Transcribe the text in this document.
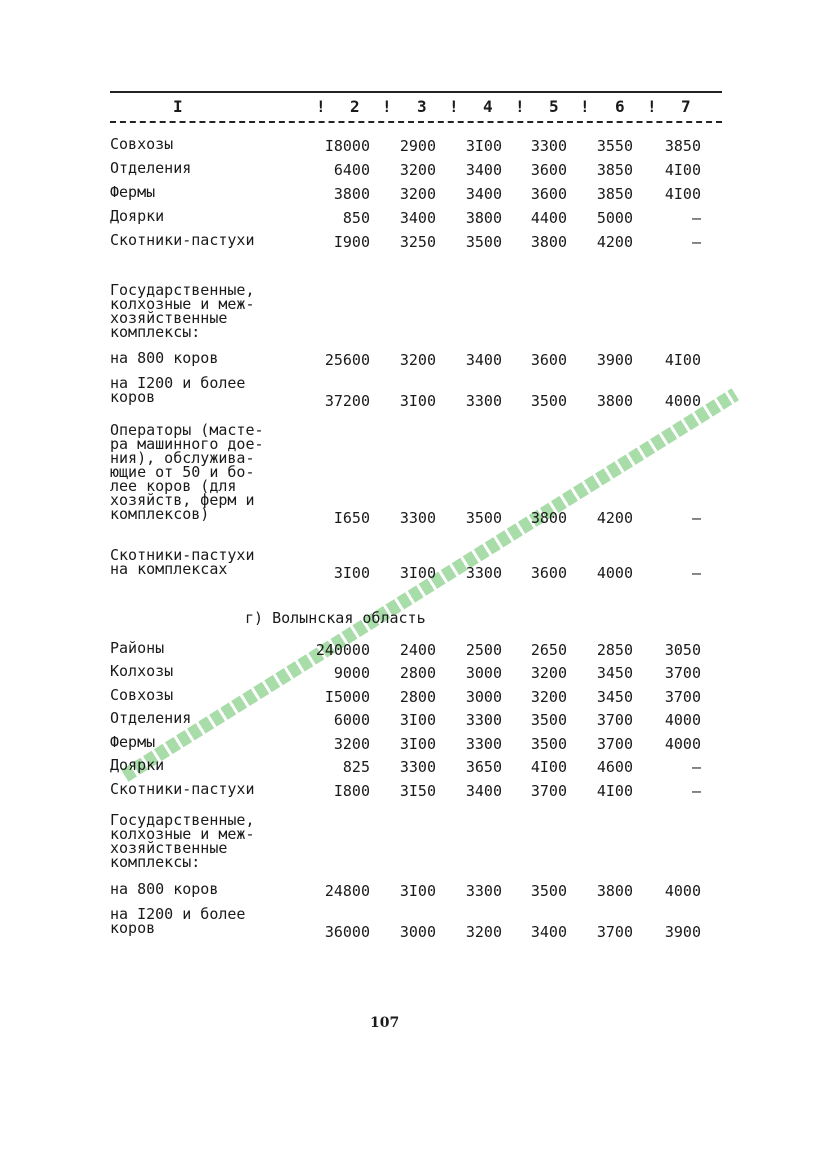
I	! 2 ! 3 ! 4 ! 5 ! 6 ! 7
Совхозы	I8000	2900	3I00	3300	3550	3850
Отделения	6400	3200	3400	3600	3850	4I00
Фермы	3800	3200	3400	3600	3850	4I00
Доярки	850	3400	3800	4400	5000	–
Скотники-пастухи	I900	3250	3500	3800	4200	–
Государственные,
колхозные и меж-
хозяйственные
комплексы:
на 800 коров	25600	3200	3400	3600	3900	4I00
на I200 и более
коров	37200	3I00	3300	3500	3800	4000
Операторы (масте-
ра машинного дое-
ния), обслужива-
ющие от 50 и бо-
лее коров (для
хозяйств, ферм и
комплексов)	I650	3300	3500	3800	4200	–
Скотники-пастухи
на комплексах	3I00	3I00	3300	3600	4000	–
г) Волынская область
Районы	240000	2400	2500	2650	2850	3050
Колхозы	9000	2800	3000	3200	3450	3700
Совхозы	I5000	2800	3000	3200	3450	3700
Отделения	6000	3I00	3300	3500	3700	4000
Фермы	3200	3I00	3300	3500	3700	4000
Доярки	825	3300	3650	4I00	4600	–
Скотники-пастухи	I800	3I50	3400	3700	4I00	–
Государственные,
колхозные и меж-
хозяйственные
комплексы:
на 800 коров	24800	3I00	3300	3500	3800	4000
на I200 и более
коров	36000	3000	3200	3400	3700	3900
107
